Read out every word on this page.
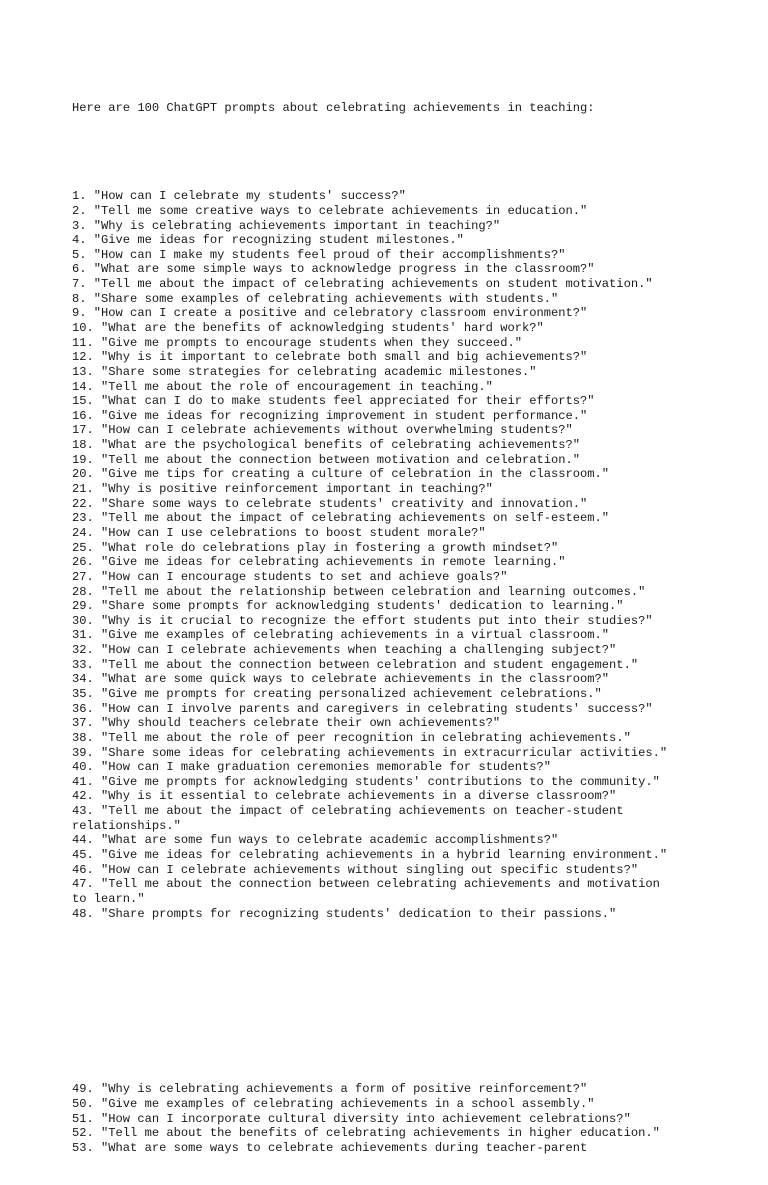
Here are 100 ChatGPT prompts about celebrating achievements in teaching:

1. "How can I celebrate my students' success?"
2. "Tell me some creative ways to celebrate achievements in education."
3. "Why is celebrating achievements important in teaching?"
4. "Give me ideas for recognizing student milestones."
5. "How can I make my students feel proud of their accomplishments?"
6. "What are some simple ways to acknowledge progress in the classroom?"
7. "Tell me about the impact of celebrating achievements on student motivation."
8. "Share some examples of celebrating achievements with students."
9. "How can I create a positive and celebratory classroom environment?"
10. "What are the benefits of acknowledging students' hard work?"
11. "Give me prompts to encourage students when they succeed."
12. "Why is it important to celebrate both small and big achievements?"
13. "Share some strategies for celebrating academic milestones."
14. "Tell me about the role of encouragement in teaching."
15. "What can I do to make students feel appreciated for their efforts?"
16. "Give me ideas for recognizing improvement in student performance."
17. "How can I celebrate achievements without overwhelming students?"
18. "What are the psychological benefits of celebrating achievements?"
19. "Tell me about the connection between motivation and celebration."
20. "Give me tips for creating a culture of celebration in the classroom."
21. "Why is positive reinforcement important in teaching?"
22. "Share some ways to celebrate students' creativity and innovation."
23. "Tell me about the impact of celebrating achievements on self-esteem."
24. "How can I use celebrations to boost student morale?"
25. "What role do celebrations play in fostering a growth mindset?"
26. "Give me ideas for celebrating achievements in remote learning."
27. "How can I encourage students to set and achieve goals?"
28. "Tell me about the relationship between celebration and learning outcomes."
29. "Share some prompts for acknowledging students' dedication to learning."
30. "Why is it crucial to recognize the effort students put into their studies?"
31. "Give me examples of celebrating achievements in a virtual classroom."
32. "How can I celebrate achievements when teaching a challenging subject?"
33. "Tell me about the connection between celebration and student engagement."
34. "What are some quick ways to celebrate achievements in the classroom?"
35. "Give me prompts for creating personalized achievement celebrations."
36. "How can I involve parents and caregivers in celebrating students' success?"
37. "Why should teachers celebrate their own achievements?"
38. "Tell me about the role of peer recognition in celebrating achievements."
39. "Share some ideas for celebrating achievements in extracurricular activities."
40. "How can I make graduation ceremonies memorable for students?"
41. "Give me prompts for acknowledging students' contributions to the community."
42. "Why is it essential to celebrate achievements in a diverse classroom?"
43. "Tell me about the impact of celebrating achievements on teacher-student
relationships."
44. "What are some fun ways to celebrate academic accomplishments?"
45. "Give me ideas for celebrating achievements in a hybrid learning environment."
46. "How can I celebrate achievements without singling out specific students?"
47. "Tell me about the connection between celebrating achievements and motivation
to learn."
48. "Share prompts for recognizing students' dedication to their passions."

49. "Why is celebrating achievements a form of positive reinforcement?"
50. "Give me examples of celebrating achievements in a school assembly."
51. "How can I incorporate cultural diversity into achievement celebrations?"
52. "Tell me about the benefits of celebrating achievements in higher education."
53. "What are some ways to celebrate achievements during teacher-parent
